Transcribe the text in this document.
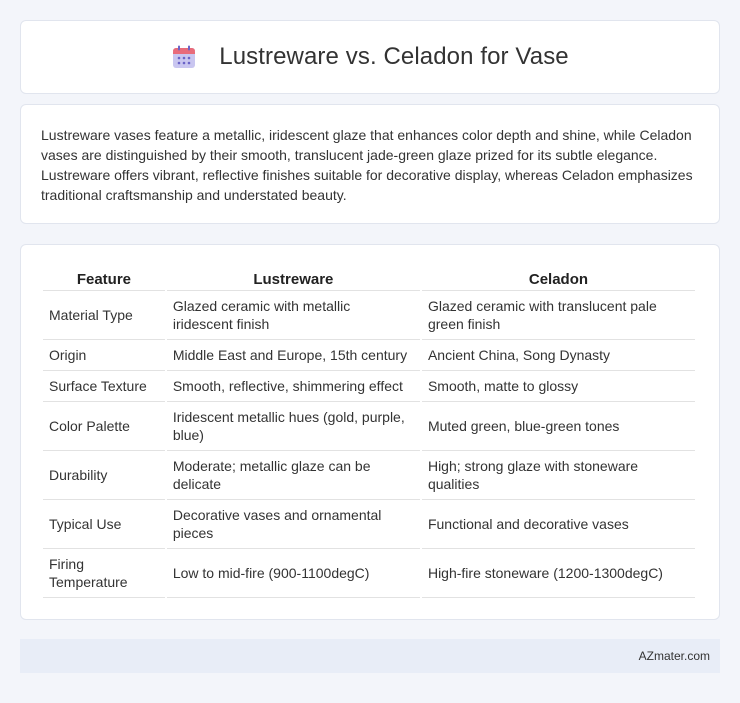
Lustreware vs. Celadon for Vase

Lustreware vases feature a metallic, iridescent glaze that enhances color depth and shine, while Celadon vases are distinguished by their smooth, translucent jade-green glaze prized for its subtle elegance. Lustreware offers vibrant, reflective finishes suitable for decorative display, whereas Celadon emphasizes traditional craftsmanship and understated beauty.

Feature	Lustreware	Celadon
Material Type	Glazed ceramic with metallic iridescent finish	Glazed ceramic with translucent pale green finish
Origin	Middle East and Europe, 15th century	Ancient China, Song Dynasty
Surface Texture	Smooth, reflective, shimmering effect	Smooth, matte to glossy
Color Palette	Iridescent metallic hues (gold, purple, blue)	Muted green, blue-green tones
Durability	Moderate; metallic glaze can be delicate	High; strong glaze with stoneware qualities
Typical Use	Decorative vases and ornamental pieces	Functional and decorative vases
Firing Temperature	Low to mid-fire (900-1100degC)	High-fire stoneware (1200-1300degC)
AZmater.com
